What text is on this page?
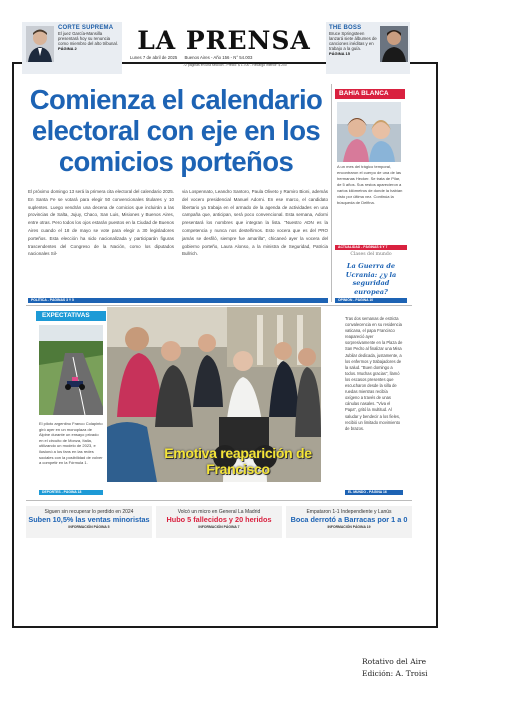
CORTE SUPREMA
El juez García-Mansilla presentará hoy su renuncia como miembro del alto tribunal.
PÁGINA 2	LA PRENSA
Lunes 7 de abril de 2025 Buenos Aires - Año 156 - N° 54.003
72 páginas en una sección - Precio: $ 1.700 - Recargo interior: $ 200
THE BOSS
Bruce Springsteen lanzará siete álbumes de canciones inéditas y en trabajo a la guía.
PÁGINA 15
Comienza el calendario electoral con eje en los comicios porteños

El próximo domingo 13 será la primera cita electoral del calendario 2025. En Santa Fe se votará para elegir 50 convencionales titulares y 10 suplentes. Luego vendrán una decena de comicios que incluirán a las provincias de Salta, Jujuy, Chaco, San Luis, Misiones y Buenos Aires, entre otras. Pero todos los ojos estarán puestos en la Ciudad de Buenos Aires cuando el 18 de mayo se vote para elegir a 30 legisladores porteños. Esta elección ha sido nacionalizada y participarán figuras trascendentes del Congreso de la Nación, como los diputados nacionales Sil-

via Lospennato, Leandro Santoro, Paula Oliveto y Ramiro Bioni, además del vocero presidencial Manuel Adorni. En ese marco, el candidato libertario ya trabaja en el armado de la agenda de actividades en una campaña que, anticipan, será poco convencional. Esta semana, Adorni presentará los nombres que integran la lista. "Nuestro ADN es la competencia y nunca nos desteñimos. Esto vocera que es del PRO jamás se desfiló, siempre fue amarilla", chicaneó ayer la vocera del gobierno porteño, Laura Alonso, a la ministra de Seguridad, Patricia Bullrich.

POLÍTICA - PÁGINAS 3 Y 5
BAHIA BLANCA
A un mes del trágico temporal, encontraron el cuerpo de una de las hermanas Hecker. Se trata de Pilar, de 5 años. Sus restos aparecieron a varios kilómetros de donde la habían visto por última vez. Continúa la búsqueda de Delfina.
ACTUALIDAD - PÁGINAS 6 Y 7
Clases del mundo
La Guerra de Ucrania: ¿y la seguridad europea?
OPINIÓN - PÁGINA 10
EXPECTATIVAS
El piloto argentino Franco Colapinto giró ayer en un monoplaza de Alpine durante un ensayo privado en el circuito de Monza, Italia, utilizando un modelo de 2023, e ilusionó a los fans en las redes sociales con la posibilidad de volver a competir en la Fórmula 1.
DEPORTES - PÁGINA 18
Emotiva reaparición de Francisco
Tras dos semanas de estricta convalecencia en su residencia vaticana, el papa Francisco reapareció ayer sorpresivamente en la Plaza de San Pedro al finalizar una Misa Jubilar dedicada, justamente, a los enfermos y trabajadores de la salud. "Buen domingo a todos. Muchas gracias", llamó los escasos presentes que escucharon desde la silla de ruedas mientras recibía oxígeno a través de unas cánulas nasales. "Viva el Papa", gritó la multitud. Al saludar y bendecir a los fieles, recibió un limitado movimiento de brazos.
EL MUNDO - PÁGINA 16
Siguen sin recuperar lo perdido en 2024
Suben 10,5% las ventas minoristas
INFORMACIÓN PÁGINA 5
Volcó un micro en General La Madrid
Hubo 5 fallecidos y 20 heridos
INFORMACIÓN PÁGINA 7
Empataron 1-1 Independiente y Lanús
Boca derrotó a Barracas por 1 a 0
INFORMACIÓN PÁGINA 19
Rotativo del Aire
Edición: A. Troisi
